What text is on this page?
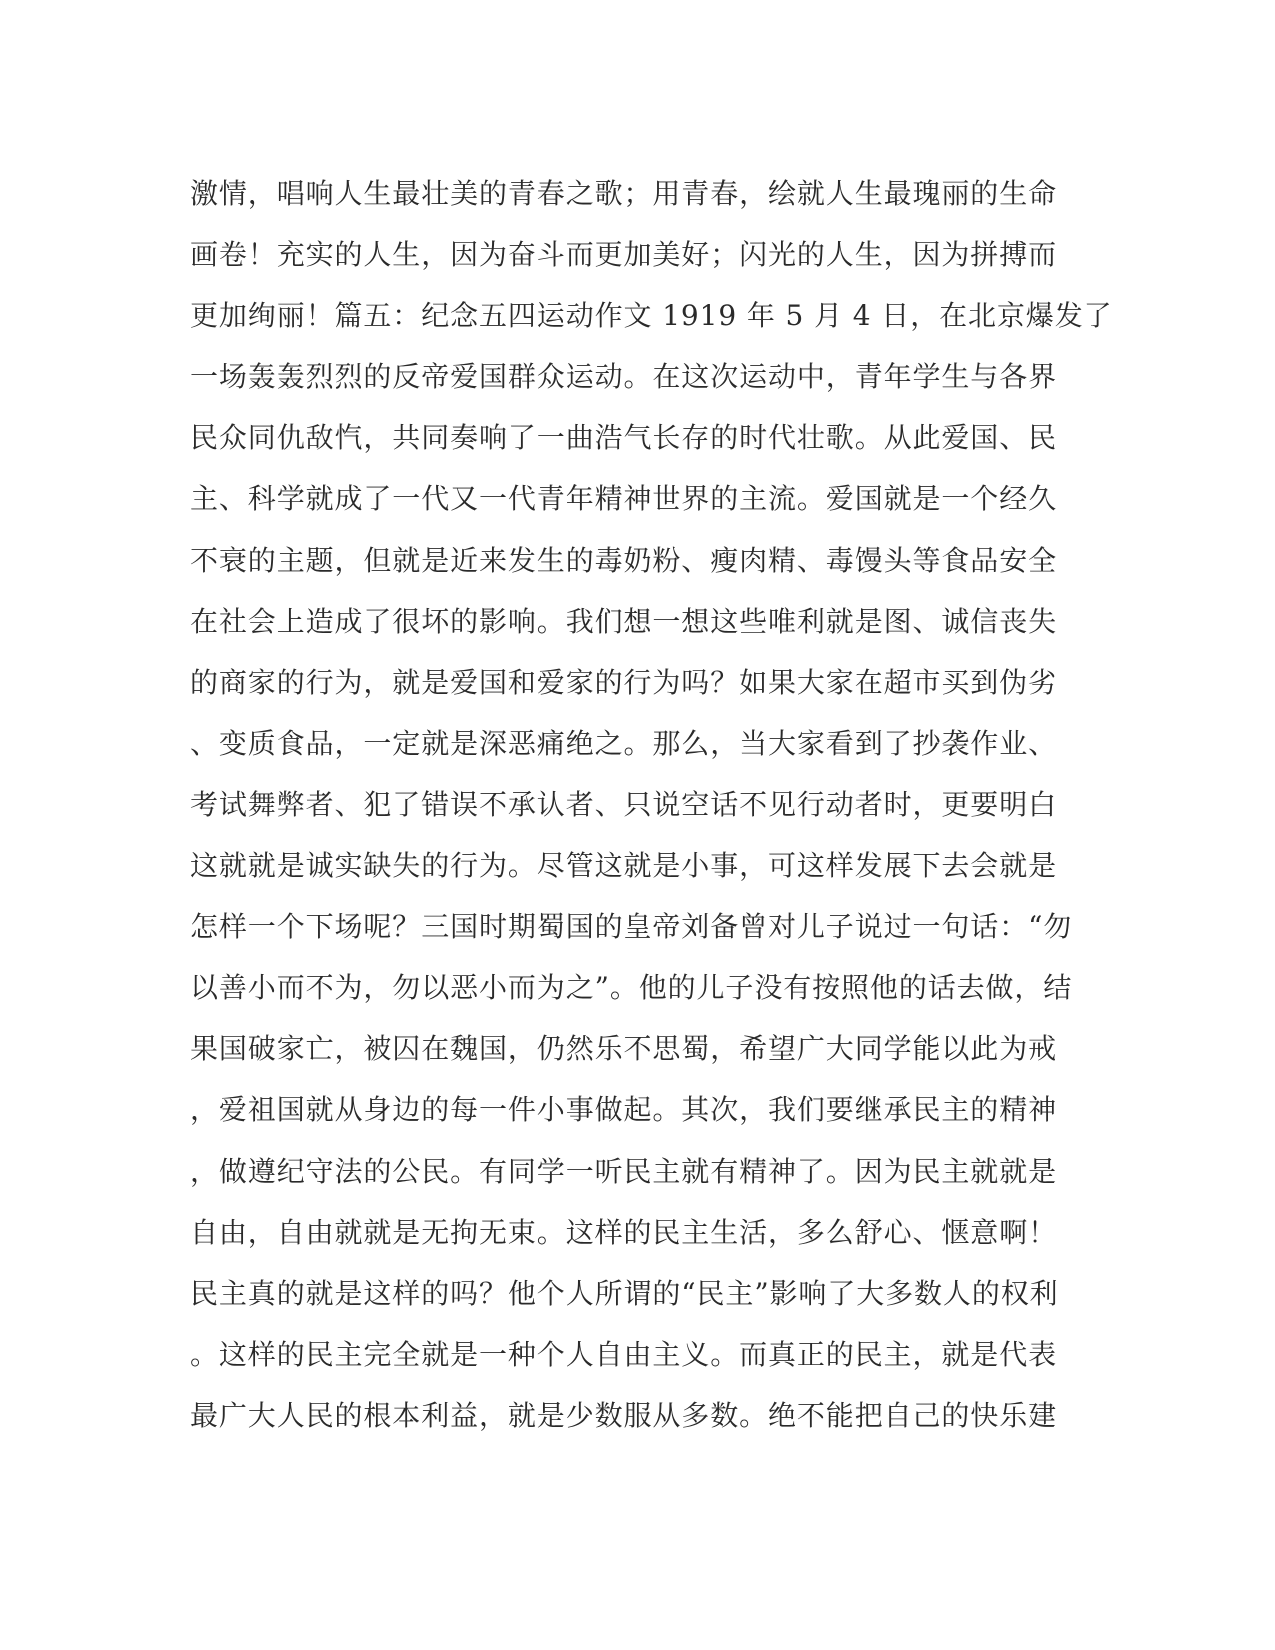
激情，唱响人生最壮美的青春之歌；用青春，绘就人生最瑰丽的生命
画卷！充实的人生，因为奋斗而更加美好；闪光的人生，因为拼搏而
更加绚丽！篇五：纪念五四运动作文 1919 年 5 月 4 日，在北京爆发了
一场轰轰烈烈的反帝爱国群众运动。在这次运动中，青年学生与各界
民众同仇敌忾，共同奏响了一曲浩气长存的时代壮歌。从此爱国、民
主、科学就成了一代又一代青年精神世界的主流。爱国就是一个经久
不衰的主题，但就是近来发生的毒奶粉、瘦肉精、毒馒头等食品安全
在社会上造成了很坏的影响。我们想一想这些唯利就是图、诚信丧失
的商家的行为，就是爱国和爱家的行为吗？如果大家在超市买到伪劣
、变质食品，一定就是深恶痛绝之。那么，当大家看到了抄袭作业、
考试舞弊者、犯了错误不承认者、只说空话不见行动者时，更要明白
这就就是诚实缺失的行为。尽管这就是小事，可这样发展下去会就是
怎样一个下场呢？三国时期蜀国的皇帝刘备曾对儿子说过一句话：“勿
以善小而不为，勿以恶小而为之”。他的儿子没有按照他的话去做，结
果国破家亡，被囚在魏国，仍然乐不思蜀，希望广大同学能以此为戒
，爱祖国就从身边的每一件小事做起。其次，我们要继承民主的精神
，做遵纪守法的公民。有同学一听民主就有精神了。因为民主就就是
自由，自由就就是无拘无束。这样的民主生活，多么舒心、惬意啊！
民主真的就是这样的吗？他个人所谓的“民主”影响了大多数人的权利
。这样的民主完全就是一种个人自由主义。而真正的民主，就是代表
最广大人民的根本利益，就是少数服从多数。绝不能把自己的快乐建
